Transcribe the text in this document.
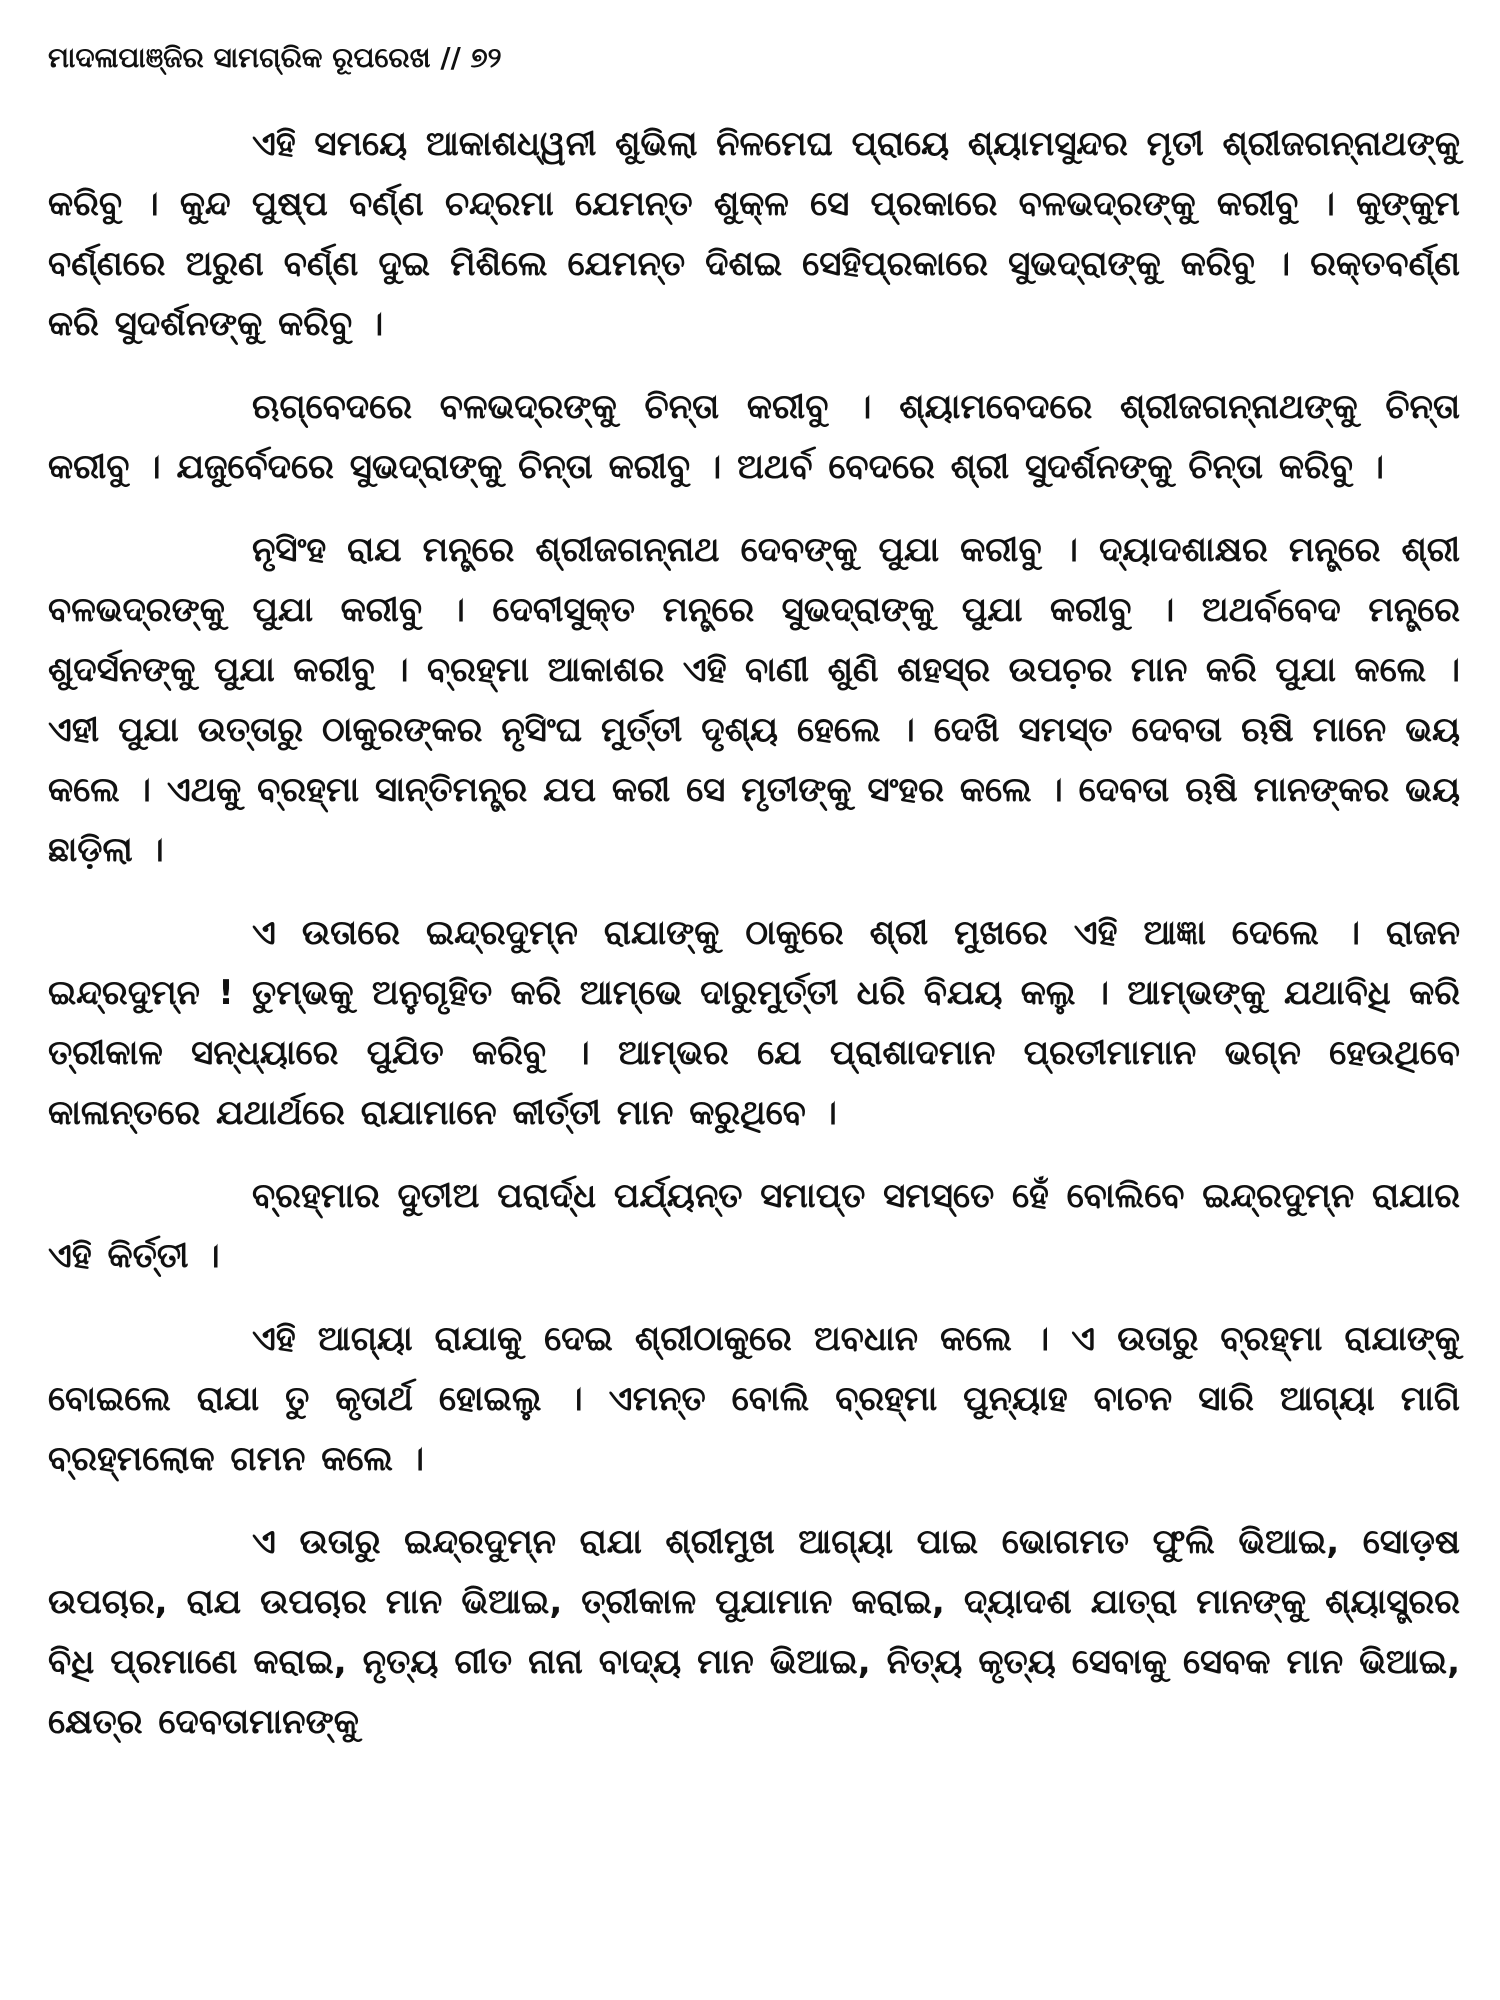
ମାଦଳାପାଞ୍ଜିର ସାମଗ୍ରିକ ରୂପରେଖ // ୭୨

ଏହି ସମୟେ ଆକାଶଧ୍ୱନୀ ଶୁଭିଲା ନିଳମେଘ ପ୍ରାୟେ ଶ୍ୟାମସୁନ୍ଦର ମୃତୀ ଶ୍ରୀଜଗନ୍ନାଥଙ୍କୁ କରିବୁ । କୁନ୍ଦ ପୁଷ୍ପ ବର୍ଣ୍ଣ ଚନ୍ଦ୍ରମା ଯେମନ୍ତ ଶୁକ୍ଳ ସେ ପ୍ରକାରେ ବଳଭଦ୍ରଙ୍କୁ କରୀବୁ । କୁଙ୍କୁମ ବର୍ଣ୍ଣରେ ଅରୁଣ ବର୍ଣ୍ଣ ଦୁଇ ମିଶିଲେ ଯେମନ୍ତ ଦିଶଇ ସେହିପ୍ରକାରେ ସୁଭଦ୍ରାଙ୍କୁ କରିବୁ । ରକ୍ତବର୍ଣ୍ଣ କରି ସୁଦର୍ଶନଙ୍କୁ କରିବୁ ।

ଋଗ୍‌ବେଦରେ ବଳଭଦ୍ରଙ୍କୁ ଚିନ୍ତା କରୀବୁ । ଶ୍ୟାମବେଦରେ ଶ୍ରୀଜଗନ୍ନାଥଙ୍କୁ ଚିନ୍ତା କରୀବୁ । ଯଜୁର୍ବେଦରେ ସୁଭଦ୍ରାଙ୍କୁ ଚିନ୍ତା କରୀବୁ । ଅଥର୍ବ ବେଦରେ ଶ୍ରୀ ସୁଦର୍ଶନଙ୍କୁ ଚିନ୍ତା କରିବୁ ।

ନୃସିଂହ ରାଯ ମନ୍ତ୍ରେ ଶ୍ରୀଜଗନ୍ନାଥ ଦେବଙ୍କୁ ପୁଯା କରୀବୁ । ଦ୍ୟାଦଶାକ୍ଷର ମନ୍ତ୍ରେ ଶ୍ରୀ ବଳଭଦ୍ରଙ୍କୁ ପୁଯା କରୀବୁ । ଦେବୀସୁକ୍ତ ମନ୍ତ୍ରେ ସୁଭଦ୍ରାଙ୍କୁ ପୁଯା କରୀବୁ । ଅଥର୍ବବେଦ ମନ୍ତ୍ରେ ଶୁଦର୍ସନଙ୍କୁ ପୁଯା କରୀବୁ । ବ୍ରହ୍ମା ଆକାଶର ଏହି ବାଣୀ ଶୁଣି ଶହସ୍ର ଉପଚ଼ର ମାନ କରି ପୁଯା କଲେ । ଏହୀ ପୁଯା ଉତ୍ତାରୁ ଠାକୁରଙ୍କର ନୃସିଂଘ ମୁର୍ତ୍ତୀ ଦୃଶ୍ୟ ହେଲେ । ଦେଖି ସମସ୍ତ ଦେବତା ଋଷି ମାନେ ଭୟ କଲେ । ଏଥକୁ ବ୍ରହ୍ମା ସାନ୍ତିମନ୍ତ୍ର ଯପ କରୀ ସେ ମୃତୀଙ୍କୁ ସଂହର କଲେ । ଦେବତା ଋଷି ମାନଙ୍କର ଭୟ ଛାଡ଼ିଲା ।

ଏ ଉତାରେ ଇନ୍ଦ୍ରଦୁମ୍ନ ରାଯାଙ୍କୁ ଠାକୁରେ ଶ୍ରୀ ମୁଖରେ ଏହି ଆଜ୍ଞା ଦେଲେ । ରାଜନ ଇନ୍ଦ୍ରଦୁମ୍ନ ! ତୁମ୍ଭକୁ ଅନୁଗୃହିତ କରି ଆମ୍ଭେ ଦାରୁମୁର୍ତ୍ତୀ ଧରି ବିଯୟ କଲୁ । ଆମ୍ଭଙ୍କୁ ଯଥାବିଧି କରି ତ୍ରୀକାଳ ସନ୍ଧ୍ୟାରେ ପୁଯିତ କରିବୁ । ଆମ୍ଭର ଯେ ପ୍ରାଶାଦମାନ ପ୍ରତୀମାମାନ ଭଗ୍ନ ହେଉଥିବେ କାଳାନ୍ତରେ ଯଥାର୍ଥରେ ରାଯାମାନେ କୀର୍ତ୍ତୀ ମାନ କରୁଥିବେ ।

ବ୍ରହ୍ମାର ଦୁତୀଅ ପରାର୍ଦ୍ଧ ପର୍ଯ୍ୟନ୍ତ ସମାପ୍ତ ସମସ୍ତେ ହେଁ ବୋଲିବେ ଇନ୍ଦ୍ରଦୁମ୍ନ ରାଯାର ଏହି କିର୍ତ୍ତୀ ।

ଏହି ଆଗ୍ୟା ରାଯାକୁ ଦେଇ ଶ୍ରୀଠାକୁରେ ଅବଧାନ କଲେ । ଏ ଉତାରୁ ବ୍ରହ୍ମା ରାଯାଙ୍କୁ ବୋଇଲେ ରାଯା ତୁ କୃତାର୍ଥ ହୋଇଲୁ । ଏମନ୍ତ ବୋଲି ବ୍ରହ୍ମା ପୁନ୍ୟାହ ବାଚନ ସାରି ଆଗ୍ୟା ମାଗି ବ୍ରହ୍ମଲୋକ ଗମନ କଲେ ।

ଏ ଉତାରୁ ଇନ୍ଦ୍ରଦୁମ୍ନ ରାଯା ଶ୍ରୀମୁଖ ଆଗ୍ୟା ପାଇ ଭୋଗମତ ଫୁଲି ଭିଆଇ, ସୋଡ଼ଷ ଉପଚାର, ରାଯ ଉପଚାର ମାନ ଭିଆଇ, ତ୍ରୀକାଳ ପୁଯାମାନ କରାଇ, ଦ୍ୟାଦଶ ଯାତ୍ରା ମାନଙ୍କୁ ଶ୍ୟାସ୍ତ୍ରର ବିଧି ପ୍ରମାଣେ କରାଇ, ନୃତ୍ୟ ଗୀତ ନାନା ବାଦ୍ୟ ମାନ ଭିଆଇ, ନିତ୍ୟ କୃତ୍ୟ ସେବାକୁ ସେବକ ମାନ ଭିଆଇ, କ୍ଷେତ୍ର ଦେବତାମାନଙ୍କୁ
